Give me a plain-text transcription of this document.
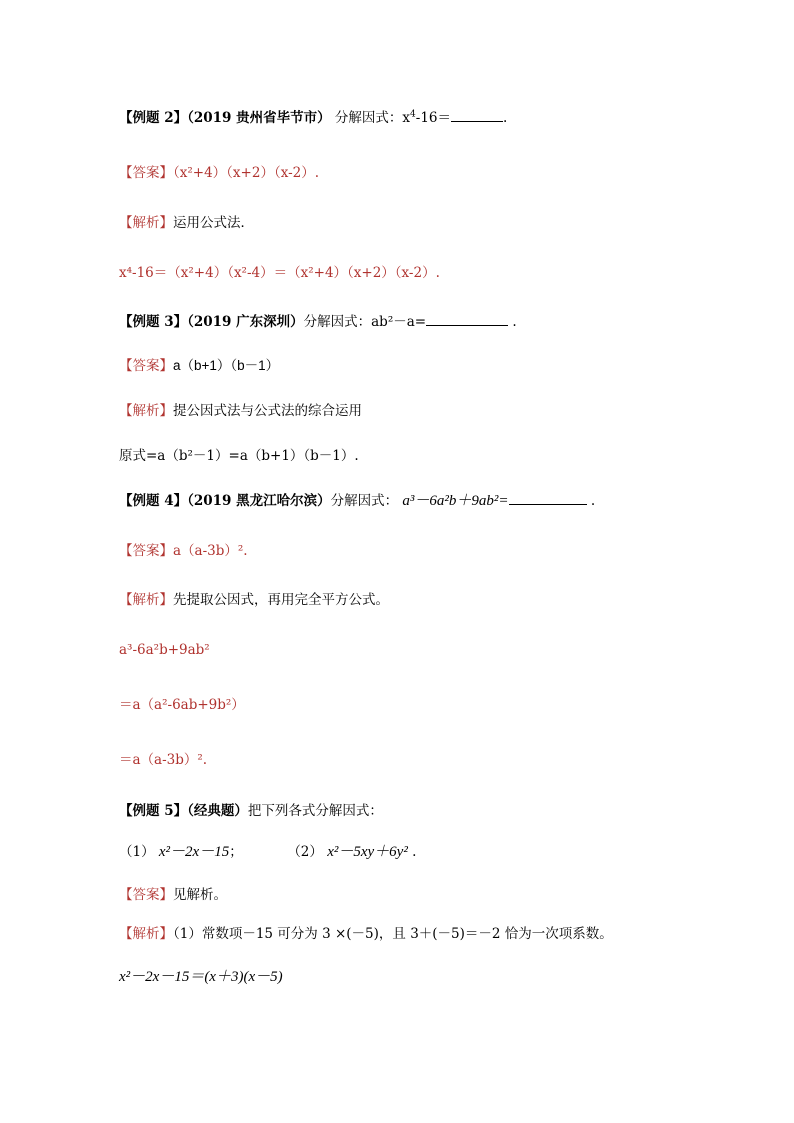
【例题 2】（2019 贵州省毕节市） 分解因式：$x^4-16=$	.
【答案】（x²+4）（x+2）（x-2）.
【解析】运用公式法．
x⁴-16＝（x²+4）（x²-4）＝（x²+4）（x+2）（x-2）.
【例题 3】（2019 广东深圳）分解因式：ab²－a=	.
【答案】a（b+1）（b－1）
【解析】提公因式法与公式法的综合运用
原式=a（b²－1）=a（b+1）（b－1）.
【例题 4】（2019 黑龙江哈尔滨）分解因式： a³－6a²b＋9ab²=	.
【答案】a（a-3b）².
【解析】先提取公因式，再用完全平方公式。
a³-6a²b+9ab²
＝a（a²-6ab+9b²）
＝a（a-3b）².
【例题 5】（经典题）把下列各式分解因式：
（1） x²－2x－15；	（2） x²－5xy＋6y² .
【答案】见解析。
【解析】（1）常数项－15 可分为 3 ×(－5)，且 3＋(－5)＝－2 恰为一次项系数。
x²－2x－15＝(x＋3)(x－5)
